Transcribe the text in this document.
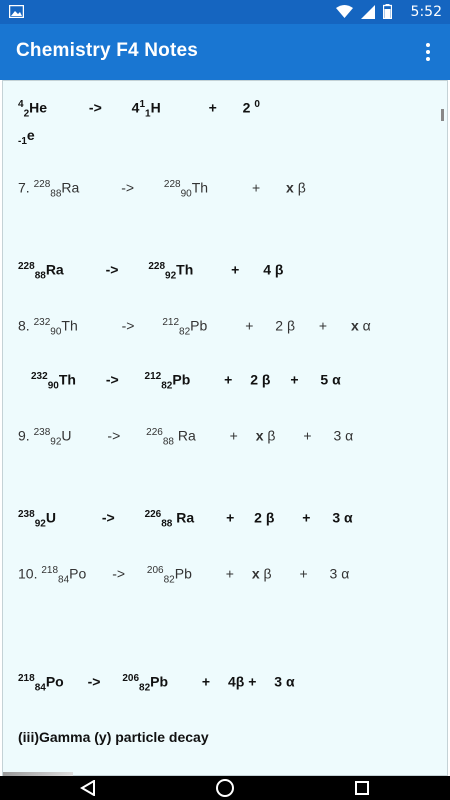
5:52
Chemistry F4 Notes
$^4_2$He	-> $4^1_1H$	+ 2 $^0$
$_{-1}$e
7. $^{228}_{88}$Ra	->	$^{228}_{90}$Th	+ x β
$^{228}_{88}$Ra	->	$^{228}_{92}$Th	+ 4 β
8. $^{232}_{90}$Th	->	$^{212}_{82}$Pb	+ 2 β + x α
$^{232}_{90}$Th ->	$^{212}_{82}$Pb + 2 β + 5 α
9. $^{238}_{92}$U	->	$^{226}_{88}$ Ra + x β + 3 α
$^{238}_{92}$U	->	$^{226}_{88}$ Ra + 2 β + 3 α
10. $^{218}_{84}$Po -> $^{206}_{82}$Pb + x β + 3 α
$^{218}_{84}$Po -> $^{206}_{82}$Pb + 4β + 3 α
(iii)Gamma (y) particle decay
